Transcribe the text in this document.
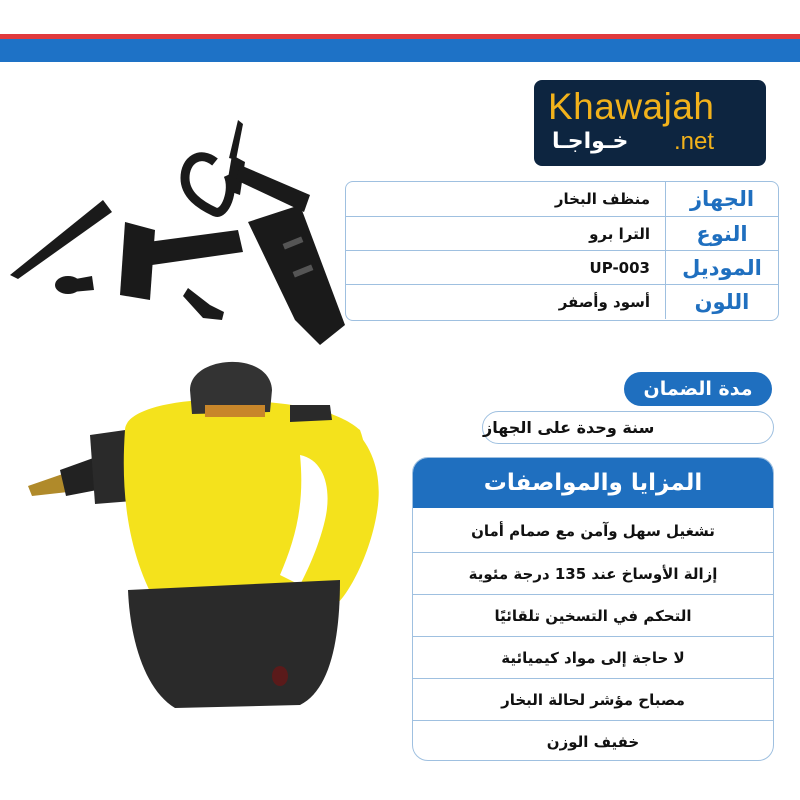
Khawajah
خـواجـا .net
الجهاز
منظف البخار
النوع
الترا برو
الموديل
UP-003
اللون
أسود وأصفر
مدة الضمان
سنة وحدة على الجهاز
المزايا والمواصفات
تشغيل سهل وآمن مع صمام أمان
إزالة الأوساخ عند 135 درجة مئوية
التحكم في التسخين تلقائيًا
لا حاجة إلى مواد كيميائية
مصباح مؤشر لحالة البخار
خفيف الوزن
